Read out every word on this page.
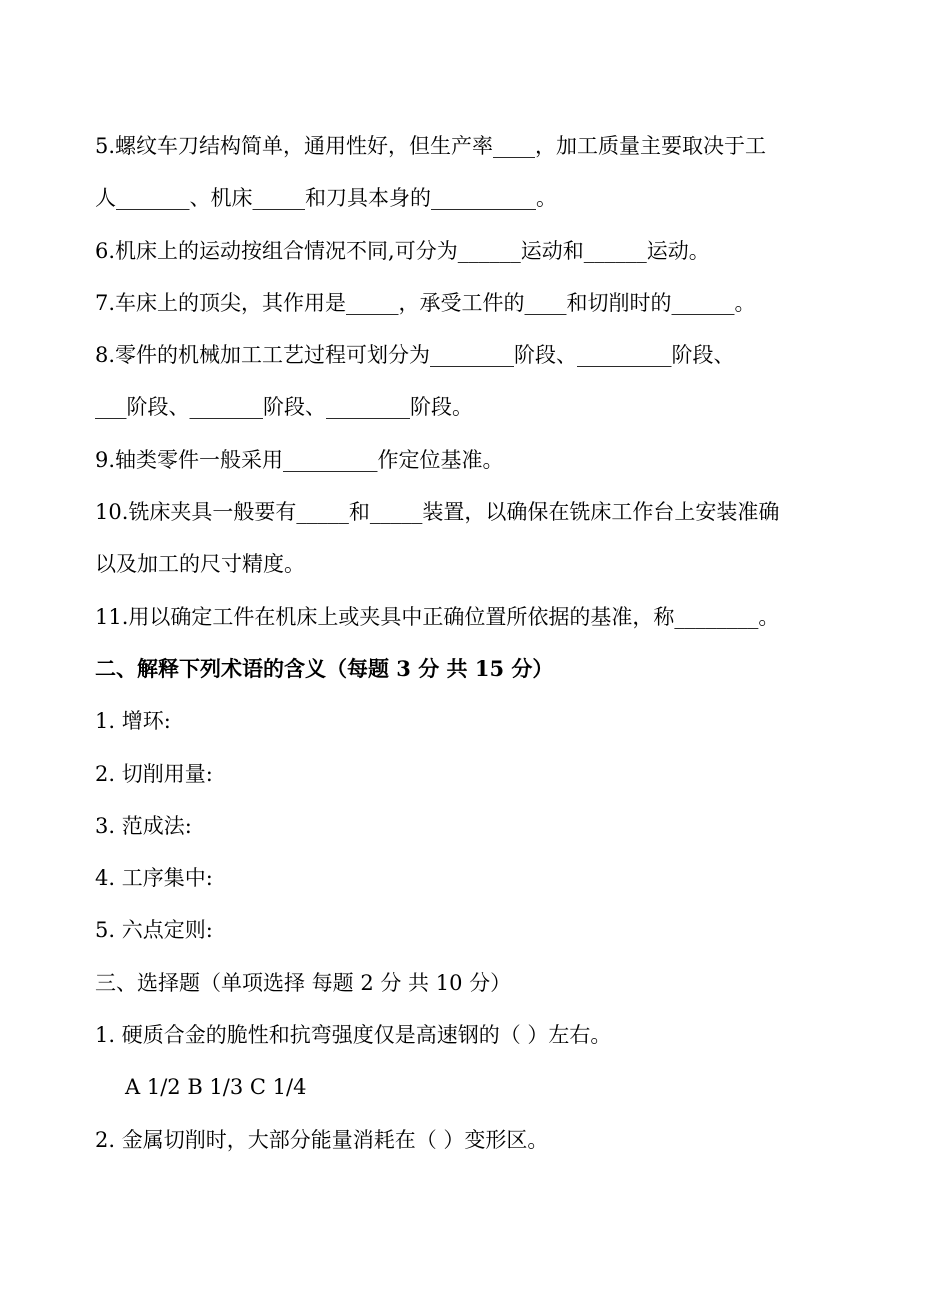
5.螺纹车刀结构简单，通用性好，但生产率____，加工质量主要取决于工
人_______、机床_____和刀具本身的__________。
6.机床上的运动按组合情况不同,可分为______运动和______运动。
7.车床上的顶尖，其作用是_____，承受工件的____和切削时的______。
8.零件的机械加工工艺过程可划分为________阶段、_________阶段、
___阶段、_______阶段、________阶段。
9.轴类零件一般采用_________作定位基准。
10.铣床夹具一般要有_____和_____装置，以确保在铣床工作台上安装准确
以及加工的尺寸精度。
11.用以确定工件在机床上或夹具中正确位置所依据的基准，称________。
二、解释下列术语的含义（每题 3 分 共 15 分）
1. 增环:
2. 切削用量:
3. 范成法:
4. 工序集中:
5. 六点定则:
三、选择题（单项选择 每题 2 分 共 10 分）
1. 硬质合金的脆性和抗弯强度仅是高速钢的（ ）左右。
A 1/2 B 1/3 C 1/4
2. 金属切削时，大部分能量消耗在（ ）变形区。
